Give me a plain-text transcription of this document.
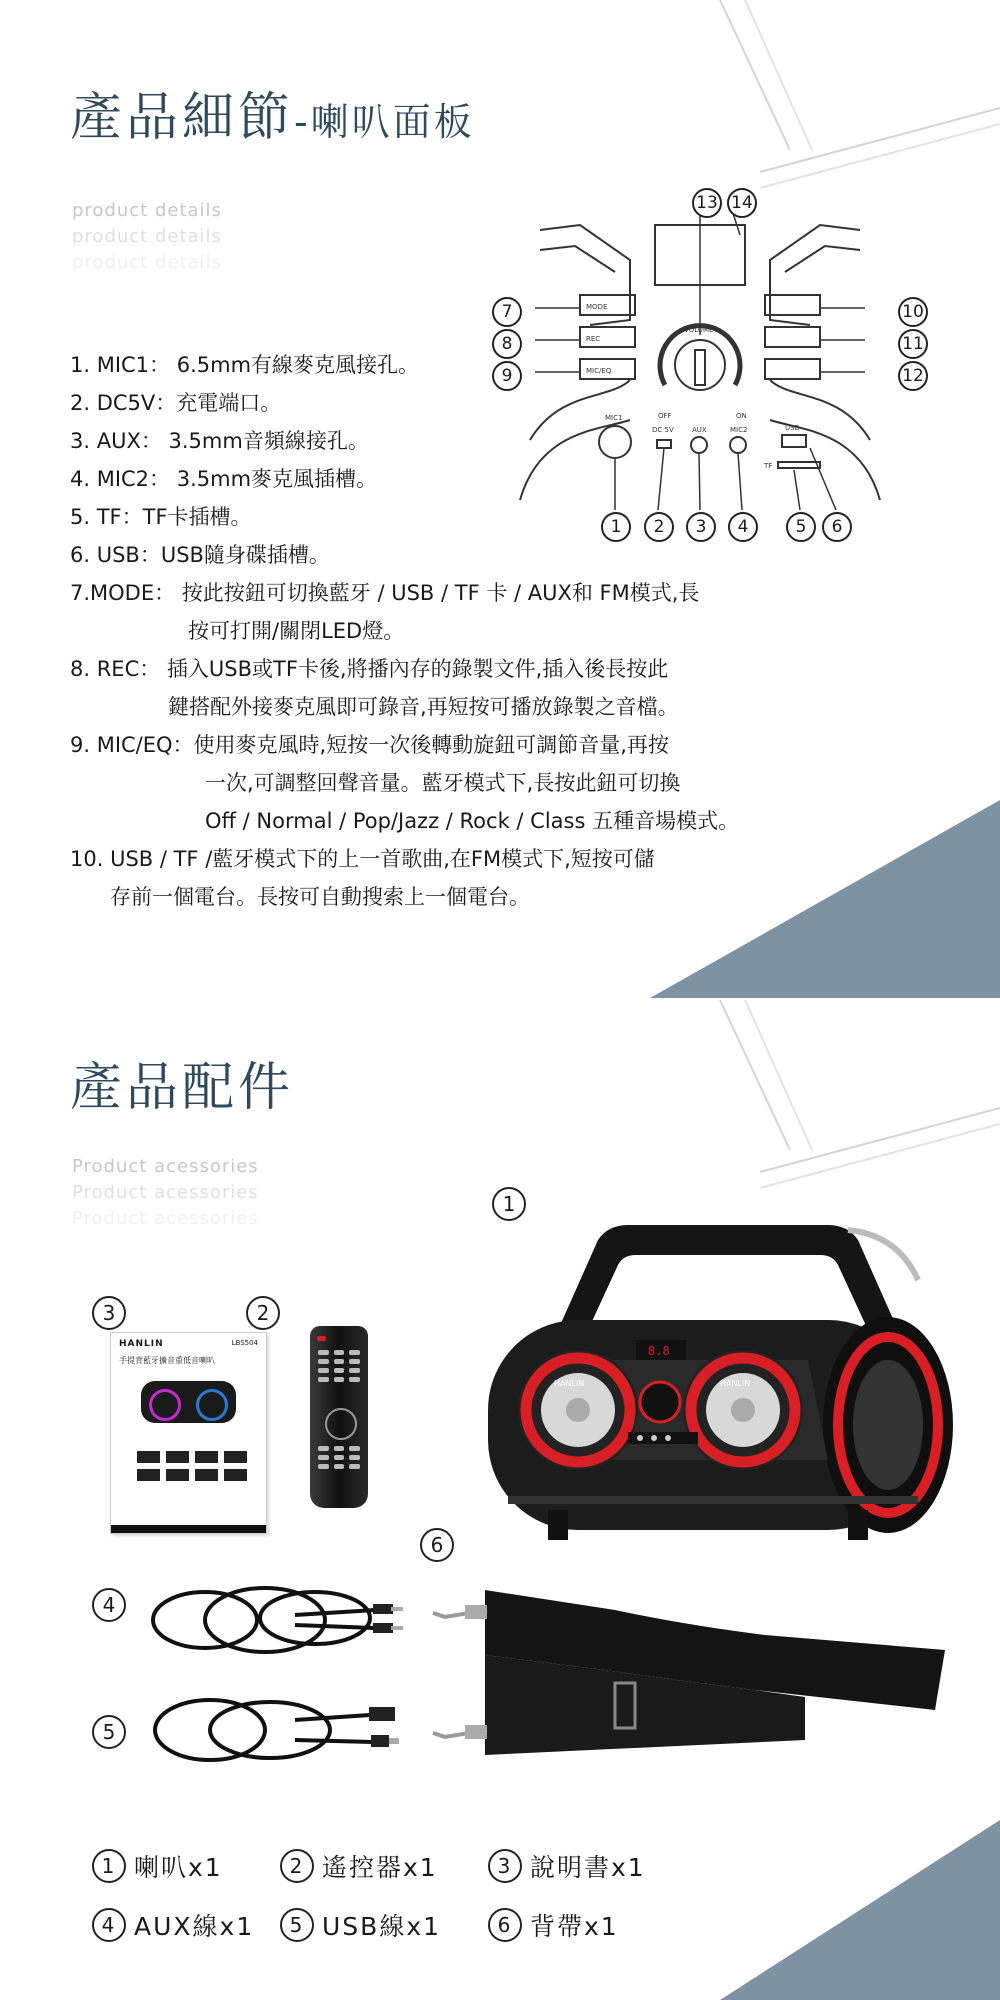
產品細節-喇叭面板
product details
product details
product details
MODE
REC
MIC/EQ
-VOLUME+
OFF	ON
MIC1
DC 5V	AUX	MIC2	USB
TF
13 14
7
8
9
10
11
12
1	2	3	4	5	6
1. MIC1： 6.5mm有線麥克風接孔。
2. DC5V：充電端口。
3. AUX： 3.5mm音頻線接孔。
4. MIC2： 3.5mm麥克風插槽。
5. TF：TF卡插槽。
6. USB：USB隨身碟插槽。
7.MODE： 按此按鈕可切換藍牙 / USB / TF 卡 / AUX和 FM模式,長
按可打開/關閉LED燈。
8. REC： 插入USB或TF卡後,將播內存的錄製文件,插入後長按此
鍵搭配外接麥克風即可錄音,再短按可播放錄製之音檔。
9. MIC/EQ：使用麥克風時,短按一次後轉動旋鈕可調節音量,再按
一次,可調整回聲音量。藍牙模式下,長按此鈕可切換
Off / Normal / Pop/Jazz / Rock / Class 五種音場模式。
10. USB / TF /藍牙模式下的上一首歌曲,在FM模式下,短按可儲
存前一個電台。長按可自動搜索上一個電台。
產品配件
Product acessories
Product acessories
Product acessories
HANLIN	LBS504
手提背藍牙擴音重低音喇叭
8.8
HANLIN	HANLIN
1
2
3
4
5
6
1 喇叭x1	2 遙控器x1	3 說明書x1
4 AUX線x1	5 USB線x1	6 背帶x1
